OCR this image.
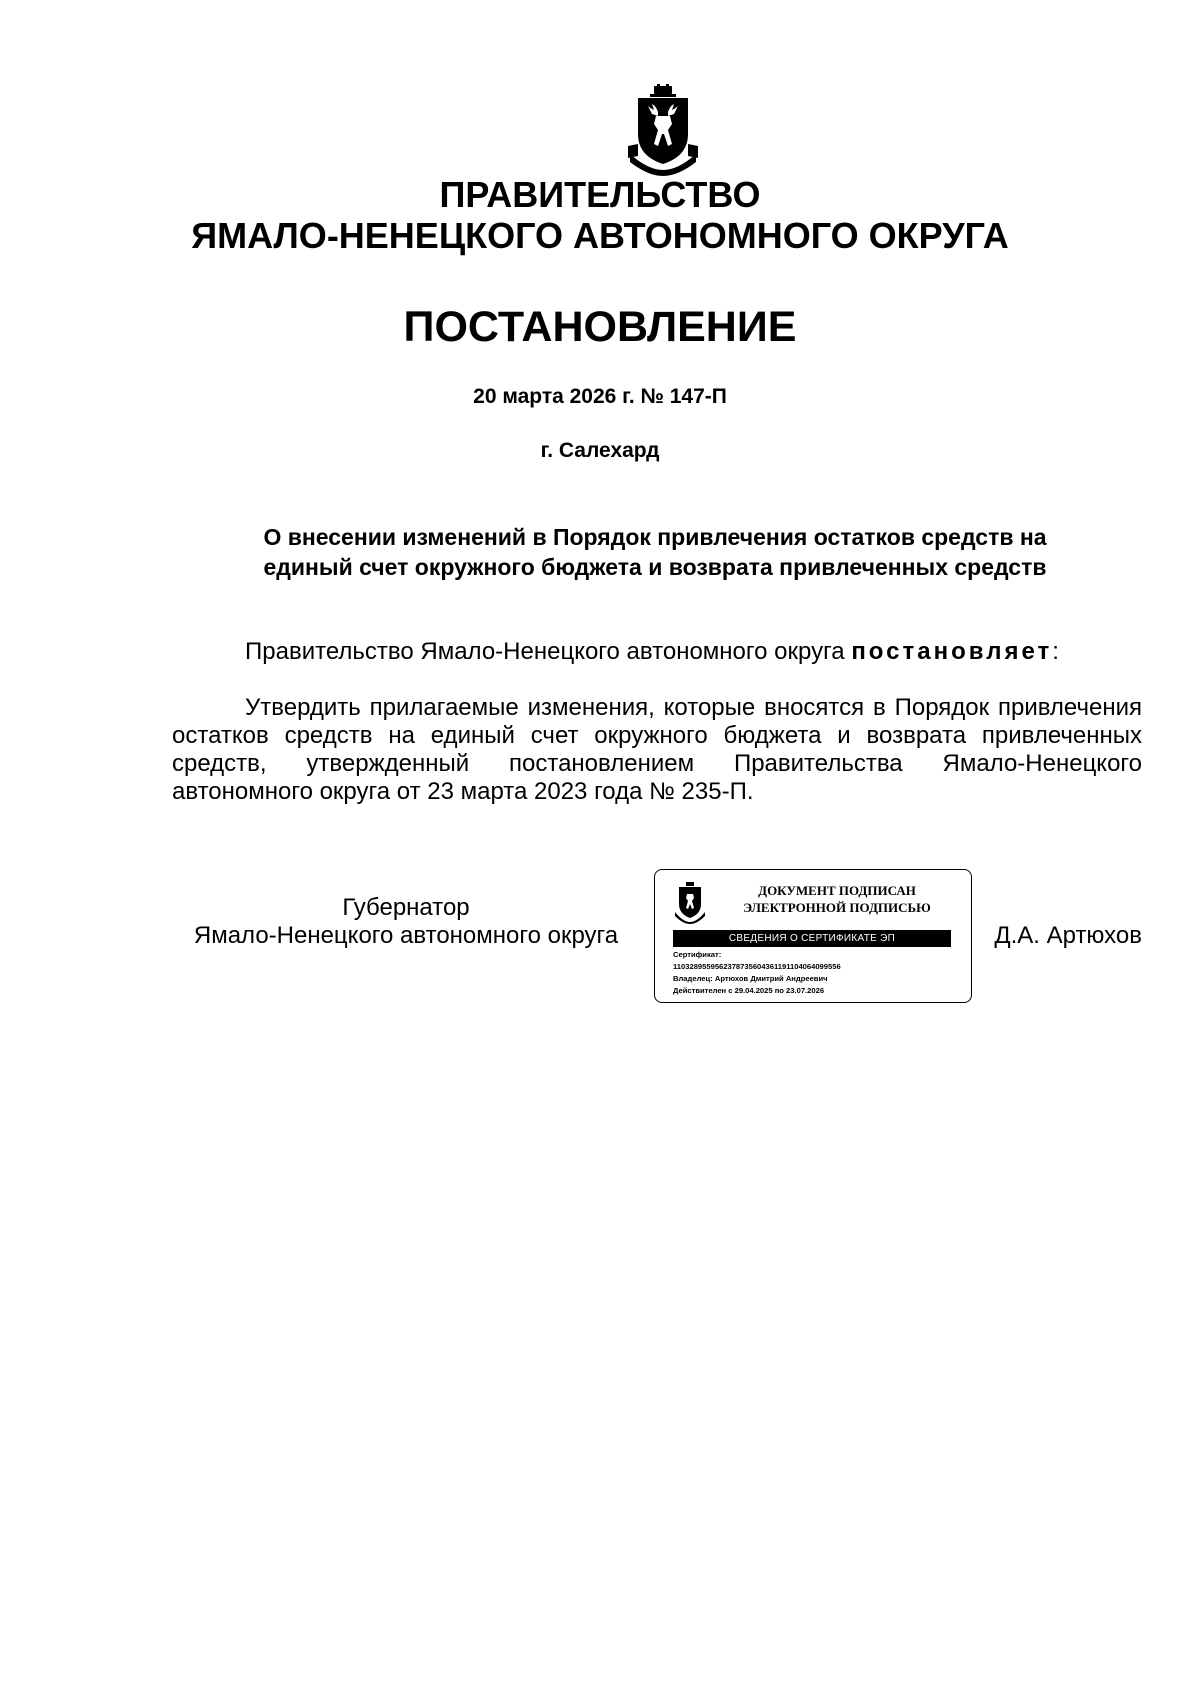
ПРАВИТЕЛЬСТВО
ЯМАЛО-НЕНЕЦКОГО АВТОНОМНОГО ОКРУГА
ПОСТАНОВЛЕНИЕ
20 марта 2026 г. № 147-П
г. Салехард
О внесении изменений в Порядок привлечения остатков средств на
единый счет окружного бюджета и возврата привлеченных средств
Правительство Ямало-Ненецкого автономного округа постановляет:
Утвердить прилагаемые изменения, которые вносятся в Порядок привлечения остатков средств на единый счет окружного бюджета и возврата привлеченных средств, утвержденный постановлением Правительства Ямало-Ненецкого автономного округа от 23 марта 2023 года № 235-П.
Губернатор
Ямало-Ненецкого автономного округа
ДОКУМЕНТ ПОДПИСАН
ЭЛЕКТРОННОЙ ПОДПИСЬЮ
СВЕДЕНИЯ О СЕРТИФИКАТЕ ЭП
Сертификат:
1103289559562378735604361191104064099556
Владелец: Артюхов Дмитрий Андреевич
Действителен с 29.04.2025 по 23.07.2026
Д.А. Артюхов
